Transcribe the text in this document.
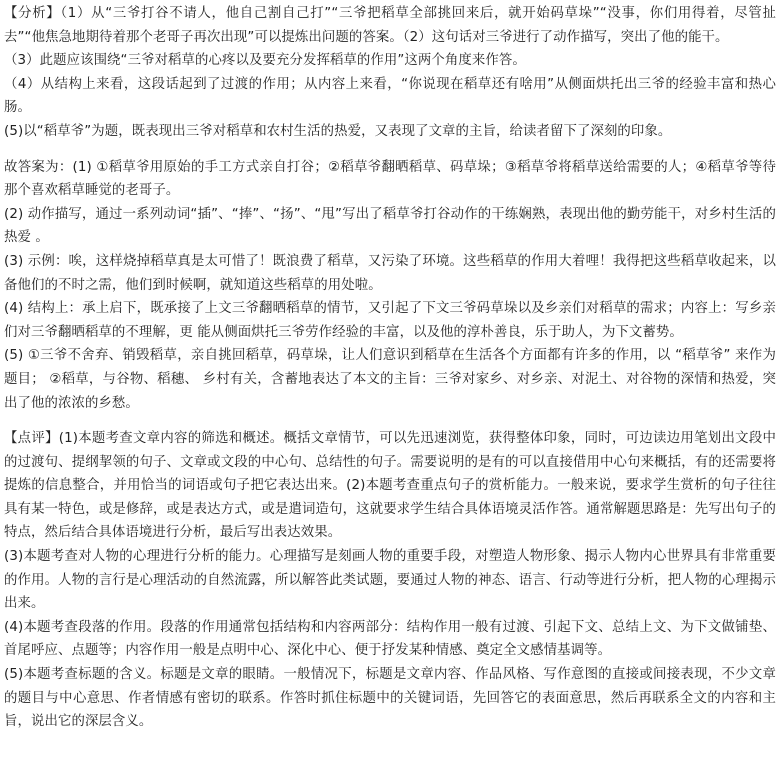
【分析】（1）从“三爷打谷不请人，他自己割自己打”“三爷把稻草全部挑回来后，就开始码草垛”“没事，你们用得着，尽管扯去”“他焦急地期待着那个老哥子再次出现”可以提炼出问题的答案。（2）这句话对三爷进行了动作描写，突出了他的能干。

（3）此题应该围绕“三爷对稻草的心疼以及要充分发挥稻草的作用”这两个角度来作答。

（4）从结构上来看，这段话起到了过渡的作用；从内容上来看，“你说现在稻草还有啥用”从侧面烘托出三爷的经验丰富和热心肠。

(5)以“稻草爷”为题，既表现出三爷对稻草和农村生活的热爱，又表现了文章的主旨，给读者留下了深刻的印象。

故答案为：(1) ①稻草爷用原始的手工方式亲自打谷；②稻草爷翻晒稻草、码草垛；③稻草爷将稻草送给需要的人；④稻草爷等待那个喜欢稻草睡觉的老哥子。

(2) 动作描写，通过一系列动词“插”、“捧”、“扬”、“甩”写出了稻草爷打谷动作的干练娴熟，表现出他的勤劳能干，对乡村生活的热爱 。

(3) 示例：唉，这样烧掉稻草真是太可惜了！既浪费了稻草，又污染了环境。这些稻草的作用大着哩！我得把这些稻草收起来，以备他们的不时之需，他们到时候啊，就知道这些稻草的用处啦。

(4) 结构上：承上启下，既承接了上文三爷翻晒稻草的情节，又引起了下文三爷码草垛以及乡亲们对稻草的需求；内容上：写乡亲们对三爷翻晒稻草的不理解，更 能从侧面烘托三爷劳作经验的丰富，以及他的淳朴善良，乐于助人，为下文蓄势。

(5) ①三爷不舍弃、销毁稻草，亲自挑回稻草，码草垛，让人们意识到稻草在生活各个方面都有许多的作用，以 “稻草爷” 来作为题目； ②稻草，与谷物、稻穗、 乡村有关，含蓄地表达了本文的主旨：三爷对家乡、对乡亲、对泥土、对谷物的深情和热爱，突出了他的浓浓的乡愁。

【点评】(1)本题考查文章内容的筛选和概述。概括文章情节，可以先迅速浏览，获得整体印象，同时，可边读边用笔划出文段中的过渡句、提纲挈领的句子、文章或文段的中心句、总结性的句子。需要说明的是有的可以直接借用中心句来概括，有的还需要将提炼的信息整合，并用恰当的词语或句子把它表达出来。(2)本题考查重点句子的赏析能力。一般来说，要求学生赏析的句子往往具有某一特色，或是修辞，或是表达方式，或是遣词造句，这就要求学生结合具体语境灵活作答。通常解题思路是：先写出句子的特点，然后结合具体语境进行分析，最后写出表达效果。

(3)本题考查对人物的心理进行分析的能力。心理描写是刻画人物的重要手段，对塑造人物形象、揭示人物内心世界具有非常重要的作用。人物的言行是心理活动的自然流露，所以解答此类试题，要通过人物的神态、语言、行动等进行分析，把人物的心理揭示出来。

(4)本题考查段落的作用。段落的作用通常包括结构和内容两部分：结构作用一般有过渡、引起下文、总结上文、为下文做铺垫、首尾呼应、点题等；内容作用一般是点明中心、深化中心、便于抒发某种情感、奠定全文感情基调等。

(5)本题考查标题的含义。标题是文章的眼睛。一般情况下，标题是文章内容、作品风格、写作意图的直接或间接表现，不少文章的题目与中心意思、作者情感有密切的联系。作答时抓住标题中的关键词语，先回答它的表面意思，然后再联系全文的内容和主旨，说出它的深层含义。
